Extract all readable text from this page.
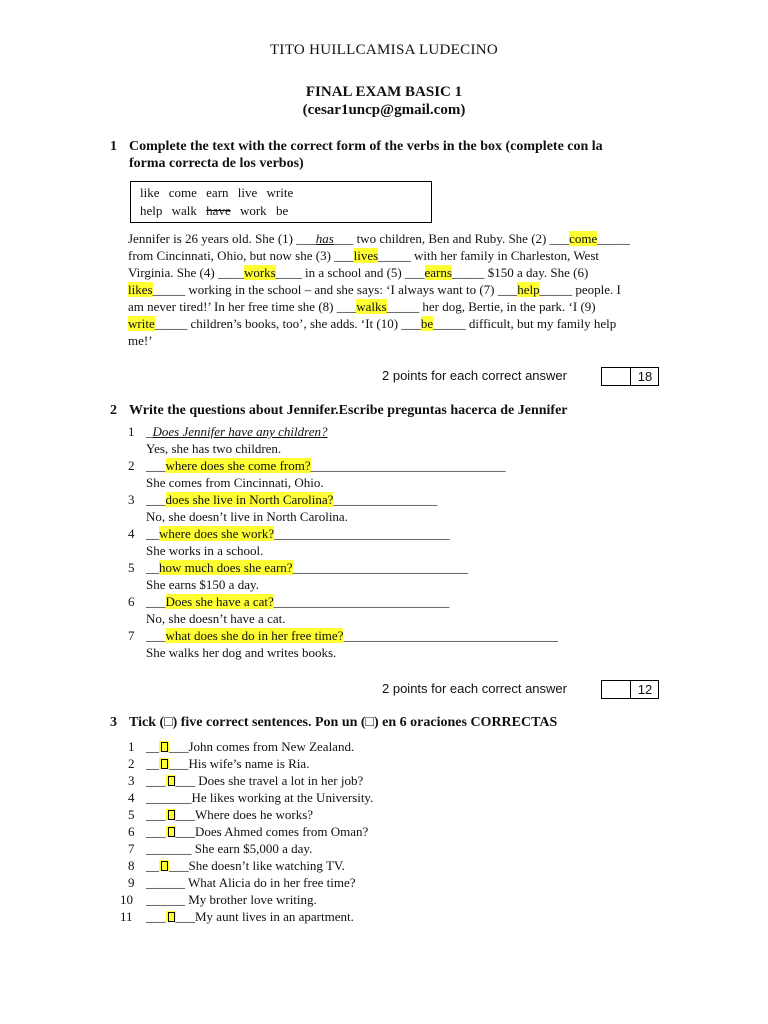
TITO HUILLCAMISA LUDECINO
FINAL EXAM BASIC 1
(cesar1uncp@gmail.com)
1 Complete the text with the correct form of the verbs in the box (complete con la
forma correcta de los verbos)
like come earn live write
help walk have work be
Jennifer is 26 years old. She (1) ___has___ two children, Ben and Ruby. She (2) ___come_____
from Cincinnati, Ohio, but now she (3) ___lives_____ with her family in Charleston, West
Virginia. She (4) ____works____ in a school and (5) ___earns_____ $150 a day. She (6)
likes_____ working in the school – and she says: ‘I always want to (7) ___help_____ people. I
am never tired!’ In her free time she (8) ___walks_____ her dog, Bertie, in the park. ‘I (9)
write_____ children’s books, too’, she adds. ‘It (10) ___be_____ difficult, but my family help
me!’
2 points for each correct answer	18
2 Write the questions about Jennifer.Escribe preguntas hacerca de Jennifer
1 _Does Jennifer have any children?
Yes, she has two children.
2 ___where does she come from?______________________________
She comes from Cincinnati, Ohio.
3 ___does she live in North Carolina?________________
No, she doesn’t live in North Carolina.
4 __where does she work?___________________________
She works in a school.
5 __how much does she earn?___________________________
She earns $150 a day.
6 ___Does she have a cat?___________________________
No, she doesn’t have a cat.
7 ___what does she do in her free time?_________________________________
She walks her dog and writes books.
2 points for each correct answer	12
3 Tick (□) five correct sentences. Pon un (□) en 6 oraciones CORRECTAS
1 __ ___John comes from New Zealand.
2 __ ___His wife’s name is Ria.
3 ___ ___ Does she travel a lot in her job?
4 _______He likes working at the University.
5 ___ ___Where does he works?
6 ___ ___Does Ahmed comes from Oman?
7 _______ She earn $5,000 a day.
8 __ ___She doesn’t like watching TV.
9 ______ What Alicia do in her free time?
10 ______ My brother love writing.
11 ___ ___My aunt lives in an apartment.
